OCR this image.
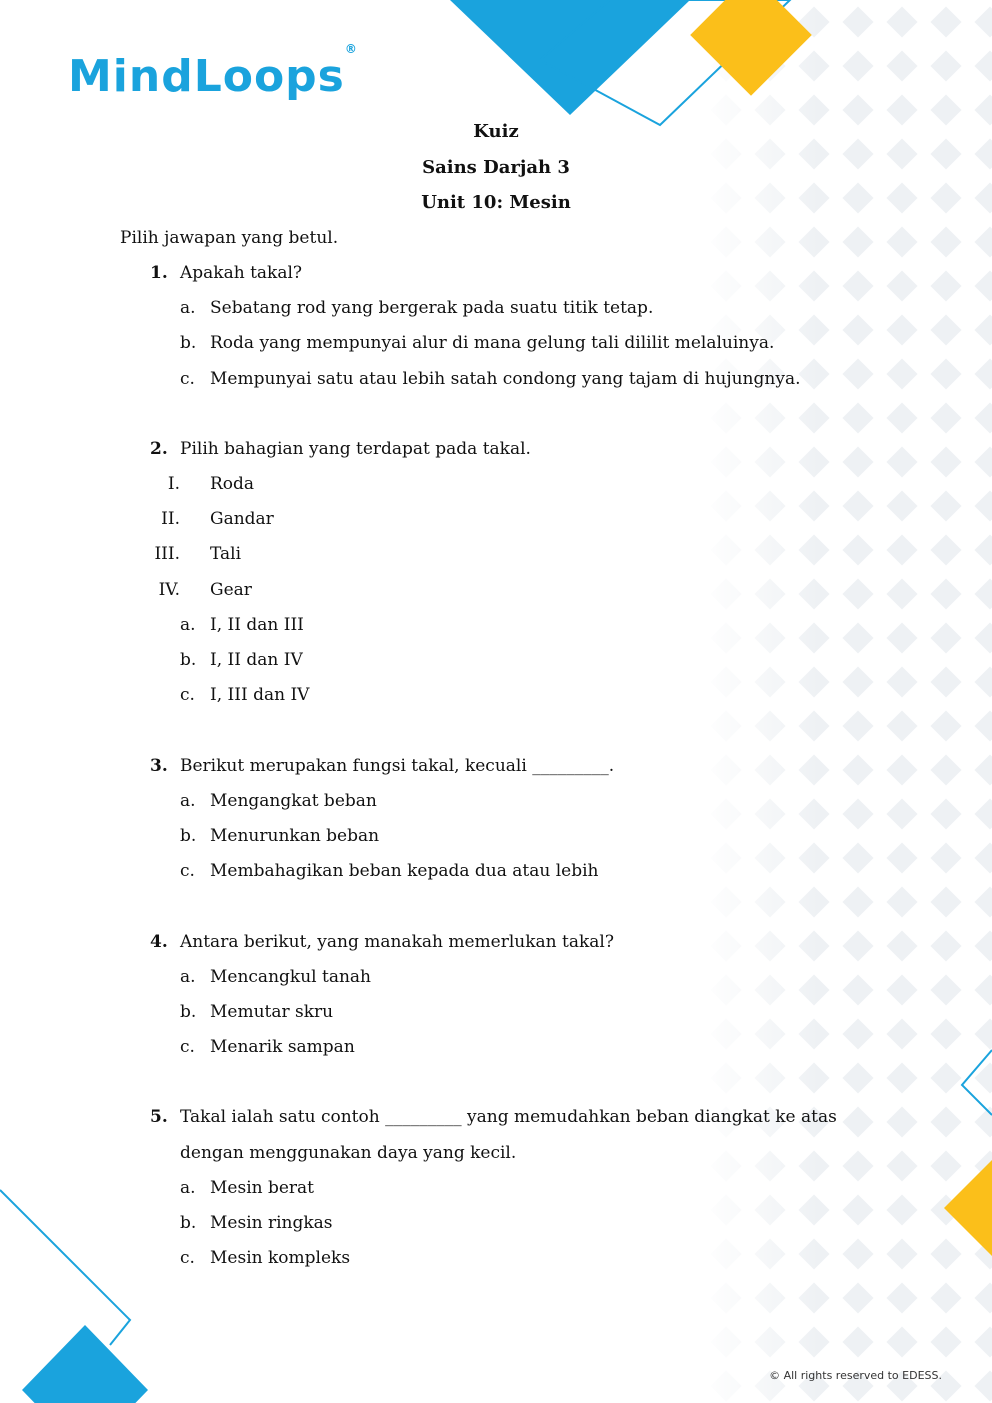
MindLoops®
Kuiz
Sains Darjah 3
Unit 10: Mesin
Pilih jawapan yang betul.
1. Apakah takal?
a. Sebatang rod yang bergerak pada suatu titik tetap.
b. Roda yang mempunyai alur di mana gelung tali dililit melaluinya.
c. Mempunyai satu atau lebih satah condong yang tajam di hujungnya.
2. Pilih bahagian yang terdapat pada takal.
I. Roda
II. Gandar
III. Tali
IV. Gear
a. I, II dan III
b. I, II dan IV
c. I, III dan IV
3. Berikut merupakan fungsi takal, kecuali _________.
a. Mengangkat beban
b. Menurunkan beban
c. Membahagikan beban kepada dua atau lebih
4. Antara berikut, yang manakah memerlukan takal?
a. Mencangkul tanah
b. Memutar skru
c. Menarik sampan
5. Takal ialah satu contoh _________ yang memudahkan beban diangkat ke atas
dengan menggunakan daya yang kecil.
a. Mesin berat
b. Mesin ringkas
c. Mesin kompleks
© All rights reserved to EDESS.
